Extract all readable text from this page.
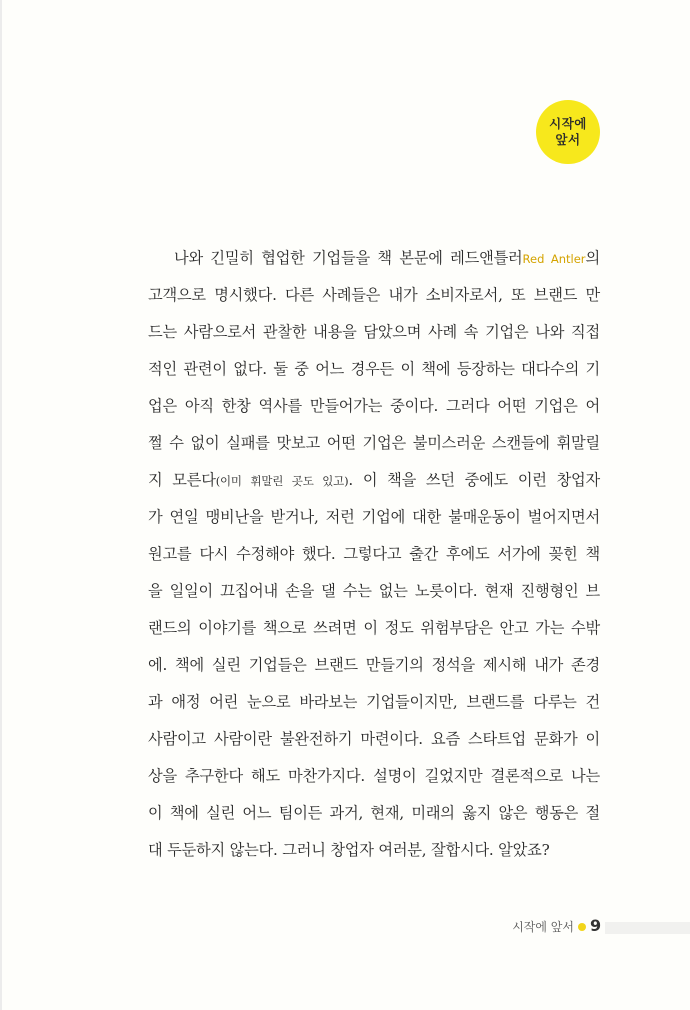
시작에
앞서
나와 긴밀히 협업한 기업들을 책 본문에 레드앤틀러Red Antler의
고객으로 명시했다. 다른 사례들은 내가 소비자로서, 또 브랜드 만
드는 사람으로서 관찰한 내용을 담았으며 사례 속 기업은 나와 직접
적인 관련이 없다. 둘 중 어느 경우든 이 책에 등장하는 대다수의 기
업은 아직 한창 역사를 만들어가는 중이다. 그러다 어떤 기업은 어
쩔 수 없이 실패를 맛보고 어떤 기업은 불미스러운 스캔들에 휘말릴
지 모른다(이미 휘말린 곳도 있고). 이 책을 쓰던 중에도 이런 창업자
가 연일 맹비난을 받거나, 저런 기업에 대한 불매운동이 벌어지면서
원고를 다시 수정해야 했다. 그렇다고 출간 후에도 서가에 꽂힌 책
을 일일이 끄집어내 손을 댈 수는 없는 노릇이다. 현재 진행형인 브
랜드의 이야기를 책으로 쓰려면 이 정도 위험부담은 안고 가는 수밖
에. 책에 실린 기업들은 브랜드 만들기의 정석을 제시해 내가 존경
과 애정 어린 눈으로 바라보는 기업들이지만, 브랜드를 다루는 건
사람이고 사람이란 불완전하기 마련이다. 요즘 스타트업 문화가 이
상을 추구한다 해도 마찬가지다. 설명이 길었지만 결론적으로 나는
이 책에 실린 어느 팀이든 과거, 현재, 미래의 옳지 않은 행동은 절
대 두둔하지 않는다. 그러니 창업자 여러분, 잘합시다. 알았죠?
시작에 앞서 9
